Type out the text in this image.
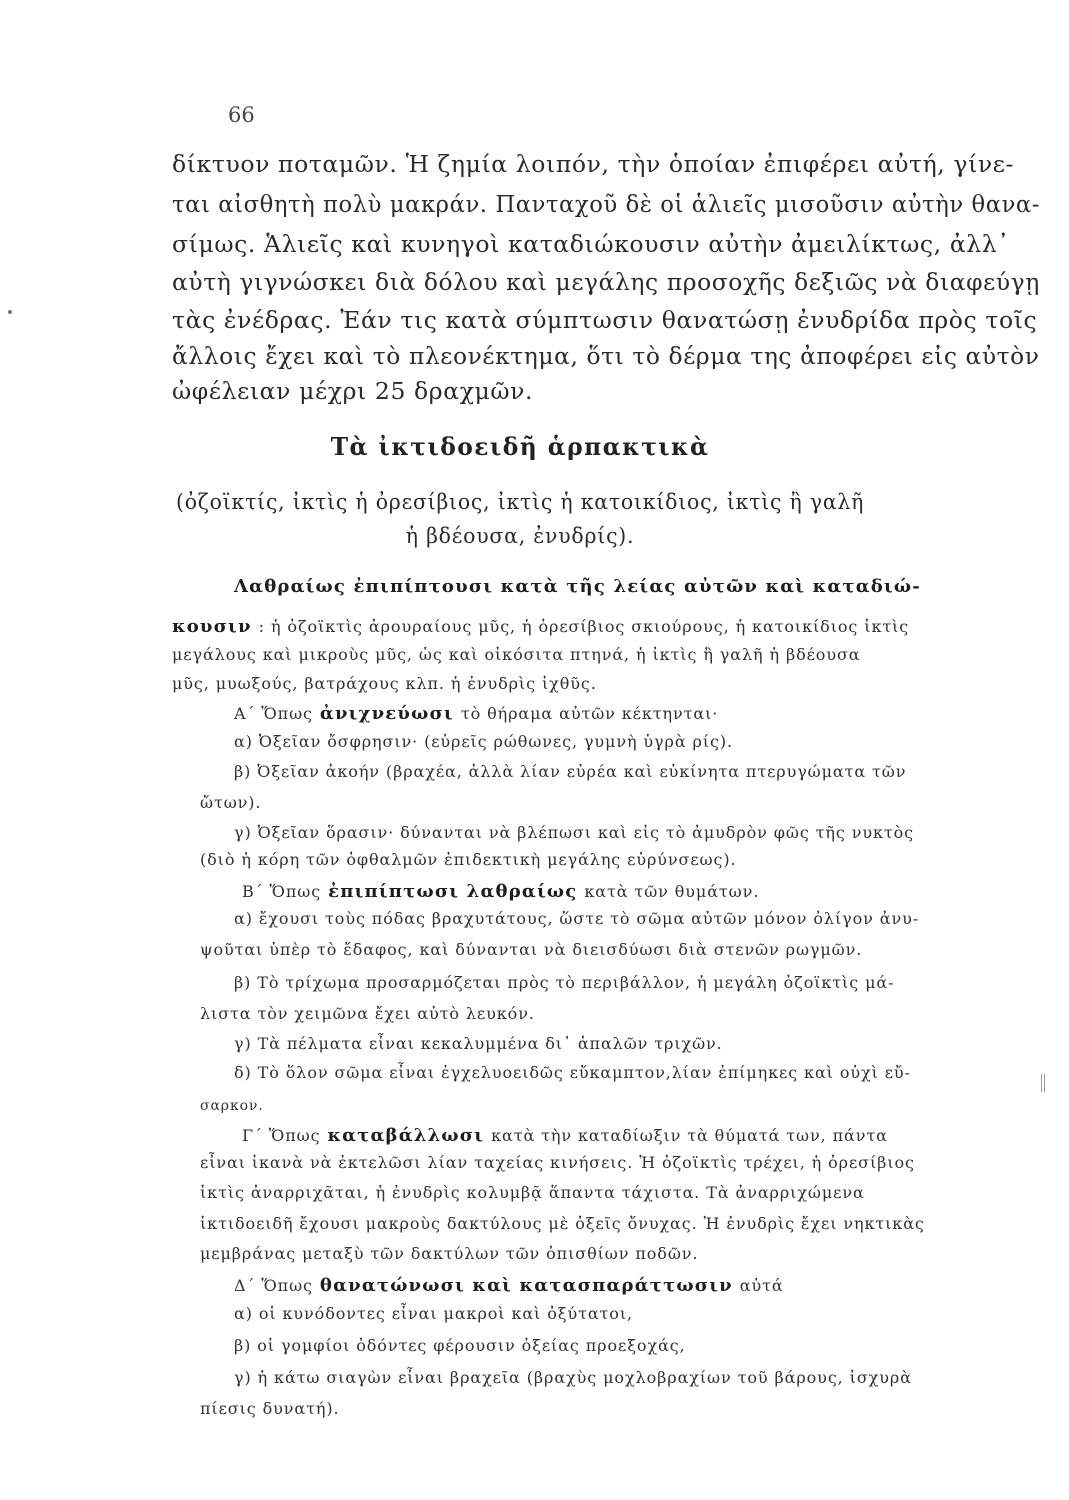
66
δίκτυον ποταμῶν. Ἡ ζημία λοιπόν, τὴν ὁποίαν ἐπιφέρει αὐτή, γίνε-
ται αἰσθητὴ πολὺ μακράν. Πανταχοῦ δὲ οἱ ἁλιεῖς μισοῦσιν αὐτὴν θανα-
σίμως. Ἁλιεῖς καὶ κυνηγοὶ καταδιώκουσιν αὐτὴν ἀμειλίκτως, ἀλλ᾽
αὐτὴ γιγνώσκει διὰ δόλου καὶ μεγάλης προσοχῆς δεξιῶς νὰ διαφεύγῃ
τὰς ἐνέδρας. Ἐάν τις κατὰ σύμπτωσιν θανατώσῃ ἐνυδρίδα πρὸς τοῖς
ἄλλοις ἔχει καὶ τὸ πλεονέκτημα, ὅτι τὸ δέρμα της ἀποφέρει εἰς αὐτὸν
ὠφέλειαν μέχρι 25 δραχμῶν.
Τὰ ἰκτιδοειδῆ ἁρπακτικὰ
(ὀζοϊκτίς, ἰκτὶς ἡ ὀρεσίβιος, ἰκτὶς ἡ κατοικίδιος, ἰκτὶς ἢ γαλῆ
ἡ βδέουσα, ἐνυδρίς).
Λαθραίως ἐπιπίπτουσι κατὰ τῆς λείας αὐτῶν καὶ καταδιώ-
κουσιν : ἡ ὀζοϊκτὶς ἀρουραίους μῦς, ἡ ὀρεσίβιος σκιούρους, ἡ κατοικίδιος ἰκτὶς
μεγάλους καὶ μικροὺς μῦς, ὡς καὶ οἰκόσιτα πτηνά, ἡ ἰκτὶς ἢ γαλῆ ἡ βδέουσα
μῦς, μυωξούς, βατράχους κλπ. ἡ ἐνυδρὶς ἰχθῦς.
Α΄ Ὅπως ἀνιχνεύωσι τὸ θήραμα αὐτῶν κέκτηνται·
α) Ὀξεῖαν ὄσφρησιν· (εὐρεῖς ρώθωνες, γυμνὴ ὑγρὰ ρίς).
β) Ὀξεῖαν ἀκοήν (βραχέα, ἀλλὰ λίαν εὐρέα καὶ εὐκίνητα πτερυγώματα τῶν
ὤτων).
γ) Ὀξεῖαν ὅρασιν· δύνανται νὰ βλέπωσι καὶ εἰς τὸ ἀμυδρὸν φῶς τῆς νυκτὸς
(διὸ ἡ κόρη τῶν ὀφθαλμῶν ἐπιδεκτικὴ μεγάλης εὐρύνσεως).
Β΄ Ὅπως ἐπιπίπτωσι λαθραίως κατὰ τῶν θυμάτων.
α) ἔχουσι τοὺς πόδας βραχυτάτους, ὥστε τὸ σῶμα αὐτῶν μόνον ὀλίγον ἀνυ-
ψοῦται ὑπὲρ τὸ ἔδαφος, καὶ δύνανται νὰ διεισδύωσι διὰ στενῶν ρωγμῶν.
β) Τὸ τρίχωμα προσαρμόζεται πρὸς τὸ περιβάλλον, ἡ μεγάλη ὀζοϊκτὶς μά-
λιστα τὸν χειμῶνα ἔχει αὐτὸ λευκόν.
γ) Τὰ πέλματα εἶναι κεκαλυμμένα δι᾽ ἁπαλῶν τριχῶν.
δ) Τὸ ὅλον σῶμα εἶναι ἐγχελυοειδῶς εὔκαμπτον,λίαν ἐπίμηκες καὶ οὐχὶ εὔ-
σαρκον.
Γ΄ Ὅπως καταβάλλωσι κατὰ τὴν καταδίωξιν τὰ θύματά των, πάντα
εἶναι ἱκανὰ νὰ ἐκτελῶσι λίαν ταχείας κινήσεις. Ἡ ὀζοϊκτὶς τρέχει, ἡ ὀρεσίβιος
ἰκτὶς ἀναρριχᾶται, ἡ ἐνυδρὶς κολυμβᾷ ἅπαντα τάχιστα. Τὰ ἀναρριχώμενα
ἰκτιδοειδῆ ἔχουσι μακροὺς δακτύλους μὲ ὀξεῖς ὄνυχας. Ἡ ἐνυδρὶς ἔχει νηκτικὰς
μεμβράνας μεταξὺ τῶν δακτύλων τῶν ὀπισθίων ποδῶν.
Δ΄ Ὅπως θανατώνωσι καὶ κατασπαράττωσιν αὐτά
α) οἱ κυνόδοντες εἶναι μακροὶ καὶ ὀξύτατοι,
β) οἱ γομφίοι ὀδόντες φέρουσιν ὀξείας προεξοχάς,
γ) ἡ κάτω σιαγὼν εἶναι βραχεῖα (βραχὺς μοχλοβραχίων τοῦ βάρους, ἰσχυρὰ
πίεσις δυνατή).
